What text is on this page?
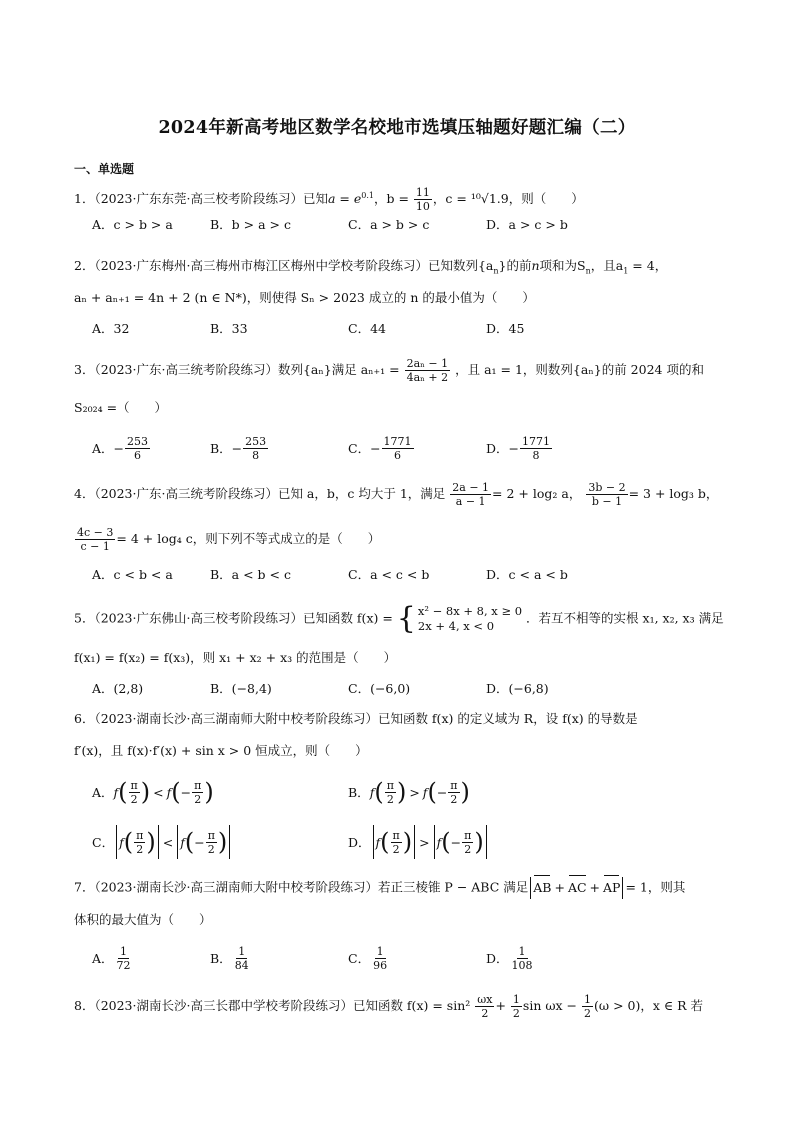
2024年新高考地区数学名校地市选填压轴题好题汇编（二）
一、单选题
1．（2023·广东东莞·高三校考阶段练习）已知$a = e^{0.1}$，$b = \frac{11}{10}$ ，c = ¹⁰√1.9，则（　　）
A．c > b > a	B．b > a > c	C．a > b > c	D．a > c > b
2．（2023·广东梅州·高三梅州市梅江区梅州中学校考阶段练习）已知数列$\{a_n\}$的前n项和为$S_n$，且$a_1 = 4$，
aₙ + aₙ₊₁ = 4n + 2 (n ∈ N*)，则使得 Sₙ > 2023 成立的 n 的最小值为（　　）
A．32	B．33	C．44	D．45
3．（2023·广东·高三统考阶段练习）数列{aₙ}满足 $a_{n+1} = \frac{\text{2aₙ − 1}}{\text{4aₙ + 2}}$ ，且 a₁ = 1，则数列{aₙ}的前 2024 项的和
S₂₀₂₄ =（　　）
A．− $\frac{253}{6}$	B．− $\frac{253}{8}$	C．− $\frac{1771}{6}$	D．− $\frac{1771}{8}$
4．（2023·广东·高三统考阶段练习）已知 a，b，c 均大于 1，满足 $\frac{2a - 1}{a - 1} = 2 + \log_2$ a， $\frac{3b - 2}{b - 1} = 3 + \log_3$ b，
$\frac{4c - 3}{c - 1} = 4 + \log_4$ c，则下列不等式成立的是（　　）
A．c < b < a	B．a < b < c	C．a < c < b	D．c < a < b
5．（2023·广东佛山·高三校考阶段练习）已知函数 f(x) = { x² − 8x + 8, x ≥ 0
2x + 4, x < 0
．若互不相等的实根 x₁, x₂, x₃ 满足
f(x₁) = f(x₂) = f(x₃)，则 x₁ + x₂ + x₃ 的范围是（　　）
A．(2,8)	B．(−8,4)	C．(−6,0)	D．(−6,8)
6．（2023·湖南长沙·高三湖南师大附中校考阶段练习）已知函数 f(x) 的定义域为 R，设 f(x) 的导数是
f′(x)，且 f(x)·f′(x) + sin x > 0 恒成立，则（　　）
A． f ( π
2 ) < f ( − $\frac{\pi}{2}$ )	B． f ( π
2 ) > f ( − $\frac{\pi}{2}$ )
C． f ( π
2 ) < f ( − $\frac{\pi}{2}$ )	D． f ( π
2 ) > f ( − $\frac{\pi}{2}$ )
7．（2023·湖南长沙·高三湖南师大附中校考阶段练习）若正三棱锥 P − ABC 满足 AB + AC + AP = 1，则其
体积的最大值为（　　）
A． $\frac{1}{72}$	B． $\frac{1}{84}$	C． $\frac{1}{96}$	D． $\frac{1}{108}$
8．（2023·湖南长沙·高三长郡中学校考阶段练习）已知函数 $f(x) = \sin^2 \frac{\omega x}{2} + \frac{1}{2}$ $\sin \omega x - \frac{1}{2} (\omega > 0)$，x ∈ R 若
